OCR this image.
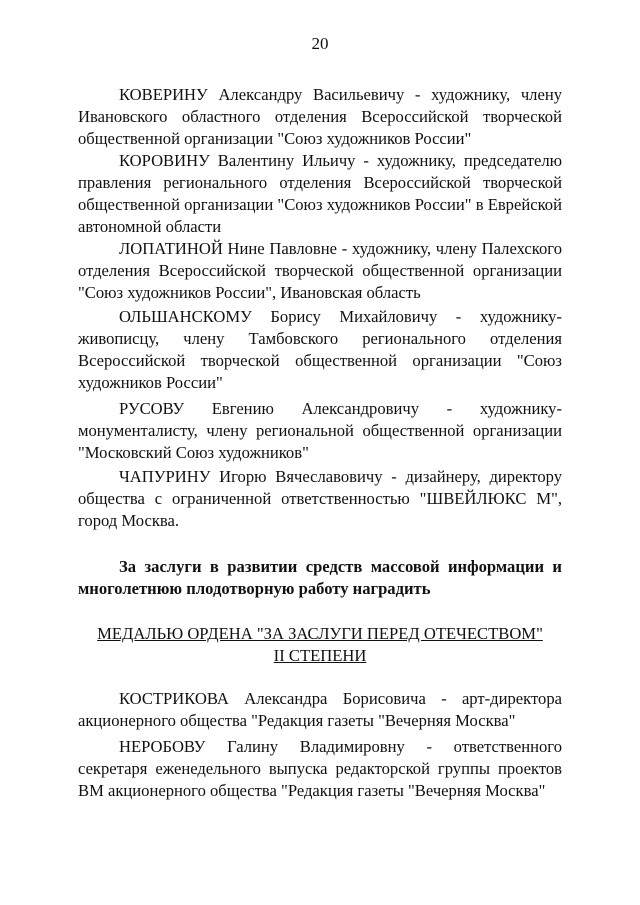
20

КОВЕРИНУ Александру Васильевичу - художнику, члену Ивановского областного отделения Всероссийской творческой общественной организации "Союз художников России"

КОРОВИНУ Валентину Ильичу - художнику, председателю правления регионального отделения Всероссийской творческой общественной организации "Союз художников России" в Еврейской автономной области

ЛОПАТИНОЙ Нине Павловне - художнику, члену Палехского отделения Всероссийской творческой общественной организации "Союз художников России", Ивановская область

ОЛЬШАНСКОМУ Борису Михайловичу - художнику-живописцу, члену Тамбовского регионального отделения Всероссийской творческой общественной организации "Союз художников России"

РУСОВУ Евгению Александровичу - художнику-монументалисту, члену региональной общественной организации "Московский Союз художников"

ЧАПУРИНУ Игорю Вячеславовичу - дизайнеру, директору общества с ограниченной ответственностью "ШВЕЙЛЮКС М", город Москва.

За заслуги в развитии средств массовой информации и многолетнюю плодотворную работу наградить

МЕДАЛЬЮ ОРДЕНА "ЗА ЗАСЛУГИ ПЕРЕД ОТЕЧЕСТВОМ"

II СТЕПЕНИ

КОСТРИКОВА Александра Борисовича - арт-директора акционерного общества "Редакция газеты "Вечерняя Москва"

НЕРОБОВУ Галину Владимировну - ответственного секретаря еженедельного выпуска редакторской группы проектов ВМ акционерного общества "Редакция газеты "Вечерняя Москва"
